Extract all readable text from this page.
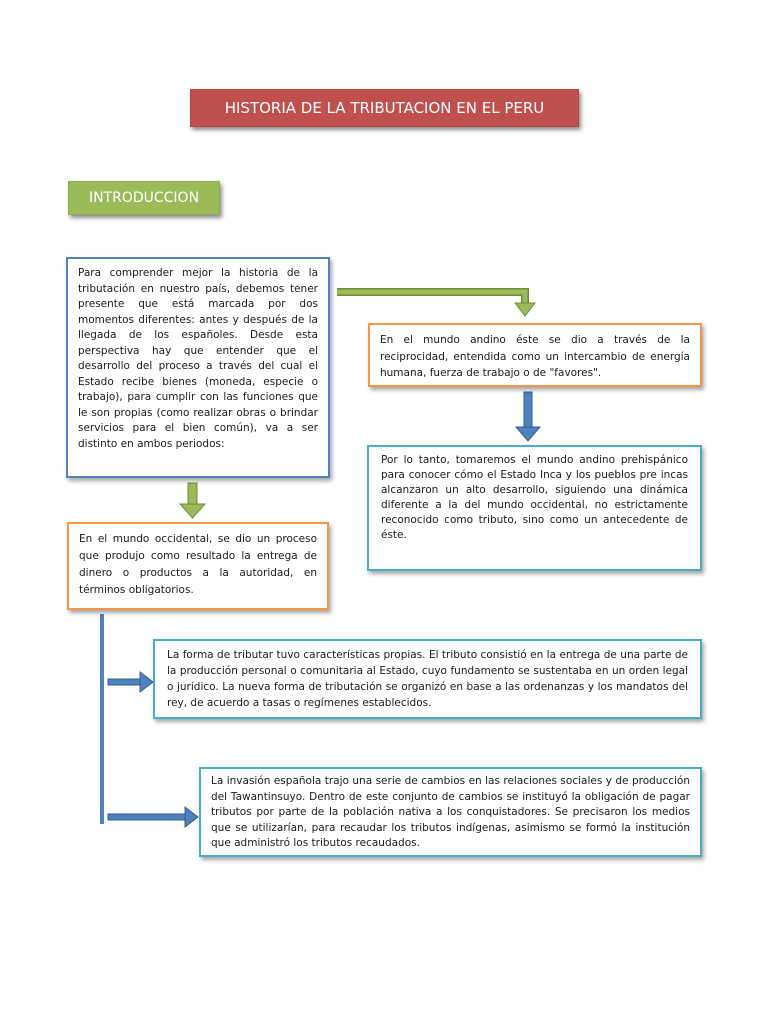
HISTORIA DE LA TRIBUTACION EN EL PERU
INTRODUCCION

Para comprender mejor la historia de la tributación en nuestro país, debemos tener presente que está marcada por dos momentos diferentes: antes y después de la llegada de los españoles. Desde esta perspectiva hay que entender que el desarrollo del proceso a través del cual el Estado recibe bienes (moneda, especie o trabajo), para cumplir con las funciones que le son propias (como realizar obras o brindar servicios para el bien común), va a ser distinto en ambos periodos:

En el mundo andino éste se dio a través de la reciprocidad, entendida como un intercambio de energía humana, fuerza de trabajo o de "favores".

Por lo tanto, tomaremos el mundo andino prehispánico para conocer cómo el Estado Inca y los pueblos pre incas alcanzaron un alto desarrollo, siguiendo una dinámica diferente a la del mundo occidental, no estrictamente reconocido como tributo, sino como un antecedente de éste.

En el mundo occidental, se dio un proceso que produjo como resultado la entrega de dinero o productos a la autoridad, en términos obligatorios.

La forma de tributar tuvo características propias. El tributo consistió en la entrega de una parte de la producción personal o comunitaria al Estado, cuyo fundamento se sustentaba en un orden legal o jurídico. La nueva forma de tributación se organizó en base a las ordenanzas y los mandatos del rey, de acuerdo a tasas o regímenes establecidos.

La invasión española trajo una serie de cambios en las relaciones sociales y de producción del Tawantinsuyo. Dentro de este conjunto de cambios se instituyó la obligación de pagar tributos por parte de la población nativa a los conquistadores. Se precisaron los medios que se utilizarían, para recaudar los tributos indígenas, asimismo se formó la institución que administró los tributos recaudados.
